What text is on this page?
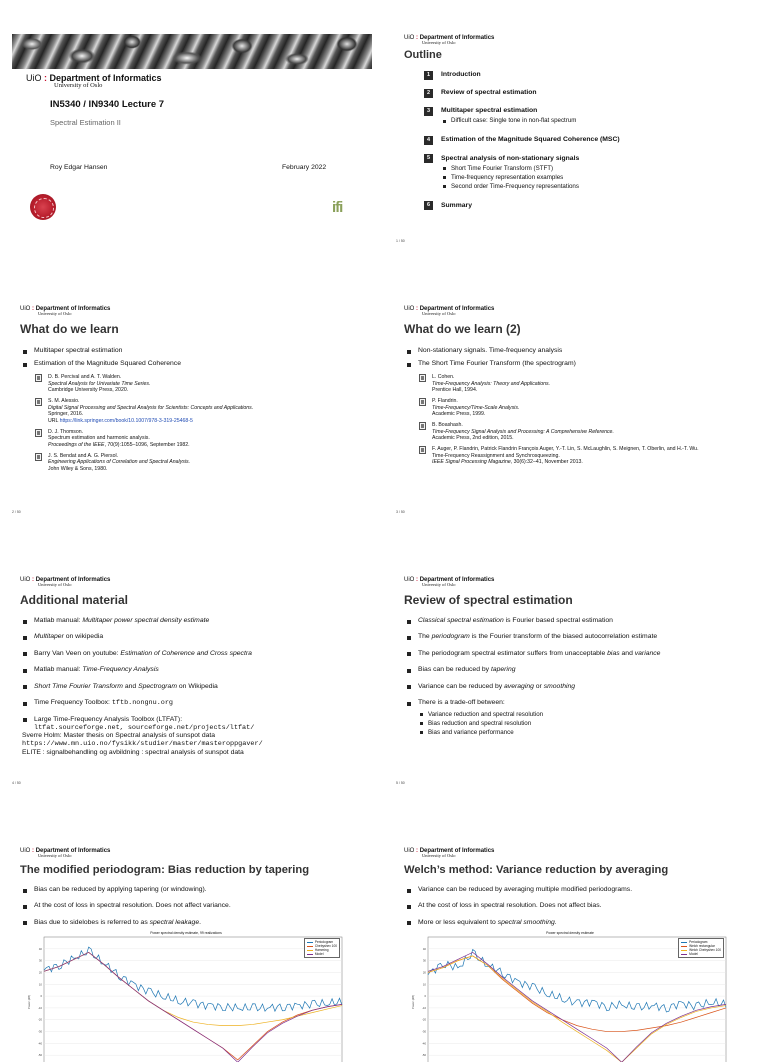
UiO : Department of Informatics
University of Oslo
IN5340 / IN9340 Lecture 7
Spectral Estimation II
Roy Edgar Hansen	February 2022
ifi
UiO : Department of Informatics
University of Oslo
Outline
1	Introduction
2	Review of spectral estimation
3	Multitaper spectral estimation
Difficult case: Single tone in non-flat spectrum
4	Estimation of the Magnitude Squared Coherence (MSC)
5	Spectral analysis of non-stationary signals
Short Time Fourier Transform (STFT)
Time-frequency representation examples
Second order Time-Frequency representations
6	Summary
1 / 50
UiO : Department of Informatics
University of Oslo
What do we learn
Multitaper spectral estimation
Estimation of the Magnitude Squared Coherence
D. B. Percival and A. T. Walden.
Spectral Analysis for Univariate Time Series.
Cambridge University Press, 2020.
S. M. Alessio.
Digital Signal Processing and Spectral Analysis for Scientists: Concepts and Applications.
Springer, 2016.
URL https://link.springer.com/book/10.1007/978-3-319-25468-5
D. J. Thomson.
Spectrum estimation and harmonic analysis.
Proceedings of the IEEE, 70(9):1055–1096, September 1982.
J. S. Bendat and A. G. Piersol.
Engineering Applications of Correlation and Spectral Analysis.
John Wiley & Sons, 1980.
2 / 50
UiO : Department of Informatics
University of Oslo
What do we learn (2)
Non-stationary signals. Time-frequency analysis
The Short Time Fourier Transform (the spectrogram)
L. Cohen.
Time-Frequency Analysis: Theory and Applications.
Prentice Hall, 1994.
P. Flandrin.
Time-Frequency/Time-Scale Analysis.
Academic Press, 1999.
B. Boashash.
Time-Frequency Signal Analysis and Processing: A Comprehensive Reference.
Academic Press, 2nd edition, 2015.
F. Auger, P. Flandrin, Patrick Flandrin François Auger, Y.-T. Lin, S. McLaughlin, S. Meignen, T. Oberlin, and H.-T. Wu.
Time-Frequency Reassignment and Synchrosqueezing.
IEEE Signal Processing Magazine, 30(6):32–41, November 2013.
3 / 50
UiO : Department of Informatics
University of Oslo
Additional material
Matlab manual: Multitaper power spectral density estimate
Multitaper on wikipedia
Barry Van Veen on youtube: Estimation of Coherence and Cross spectra
Matlab manual: Time-Frequency Analysis
Short Time Fourier Transform and Spectrogram on Wikipedia
Time Frequency Toolbox: tftb.nongnu.org
Large Time-Frequency Analysis Toolbox (LTFAT):
ltfat.sourceforge.net, sourceforge.net/projects/ltfat/
Sverre Holm: Master thesis on Spectral analysis of sunspot data
https://www.mn.uio.no/fysikk/studier/master/masteroppgaver/
ELITE : signalbehandling og avbildning : spectral analysis of sunspot data
4 / 50
UiO : Department of Informatics
University of Oslo
Review of spectral estimation
Classical spectral estimation is Fourier based spectral estimation
The periodogram is the Fourier transform of the biased autocorrelation estimate
The periodogram spectral estimator suffers from unacceptable bias and variance
Bias can be reduced by tapering
Variance can be reduced by averaging or smoothing
There is a trade-off between:
Variance reduction and spectral resolution
Bias reduction and spectral resolution
Bias and variance performance
5 / 50
UiO : Department of Informatics
University of Oslo
The modified periodogram: Bias reduction by tapering
Bias can be reduced by applying tapering (or windowing).
At the cost of loss in spectral resolution. Does not affect variance.
Bias due to sidelobes is referred to as spectral leakage.
Power spectral density estimate, 99 realizations
40
30
20
10
0
-10
-20
-30
-40
-50
Power (dB)
Periodogram
Chebyshev 100
Hamming
Model
UiO : Department of Informatics
University of Oslo
Welch’s method: Variance reduction by averaging
Variance can be reduced by averaging multiple modified periodograms.
At the cost of loss in spectral resolution. Does not affect bias.
More or less equivalent to spectral smoothing.
Power spectral density estimate
40
30
20
10
0
-10
-20
-30
-40
-50
Power (dB)
Periodogram
Welch rectangular
Welch Chebyshev 100
Model
